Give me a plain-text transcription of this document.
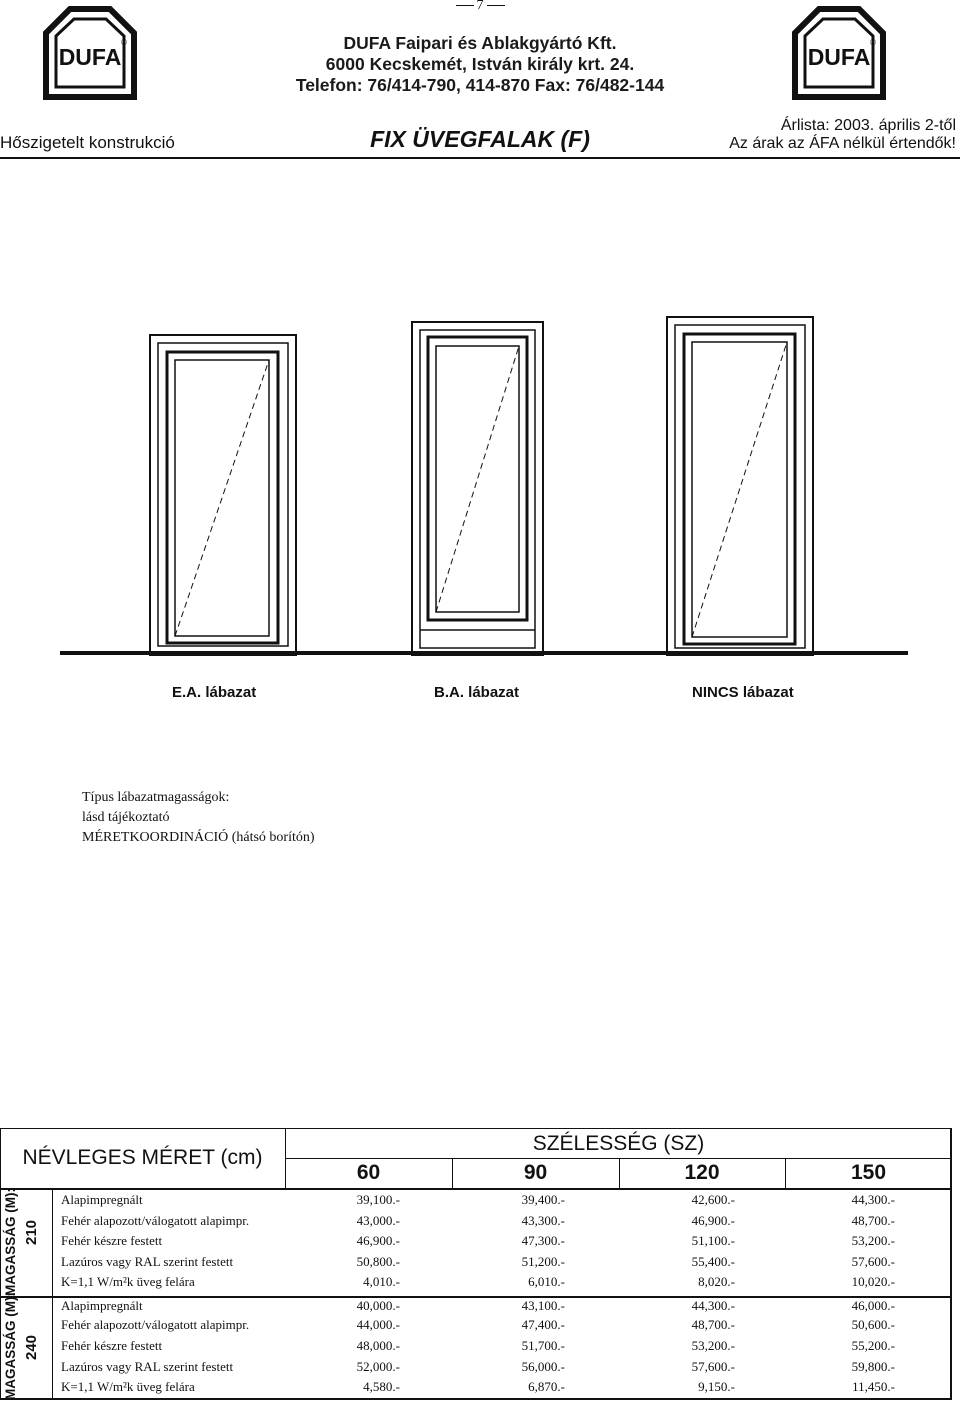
7
DUFA
®
DUFA
®
DUFA Faipari és Ablakgyártó Kft.
6000 Kecskemét, István király krt. 24.
Telefon: 76/414-790, 414-870 Fax: 76/482-144
Hőszigetelt konstrukció	FIX ÜVEGFALAK (F)
Árlista: 2003. április 2-től
Az árak az ÁFA nélkül értendők!
E.A. lábazat	B.A. lábazat	NINCS lábazat
Típus lábazatmagasságok:
lásd tájékoztató
MÉRETKOORDINÁCIÓ (hátsó borítón)
NÉVLEGES MÉRET (cm)
SZÉLESSÉG (SZ)
60	90	120	150
MAGASSÁG (M): 210
MAGASSÁG (M): 240
Alapimpregnált	39,100.-	39,400.-	42,600.-	44,300.-
Fehér alapozott/válogatott alapimpr.	43,000.-	43,300.-	46,900.-	48,700.-
Fehér készre festett	46,900.-	47,300.-	51,100.-	53,200.-
Lazúros vagy RAL szerint festett	50,800.-	51,200.-	55,400.-	57,600.-
K=1,1 W/m²k üveg felára	4,010.-	6,010.-	8,020.-	10,020.-
Alapimpregnált	40,000.-	43,100.-	44,300.-	46,000.-
Fehér alapozott/válogatott alapimpr.	44,000.-	47,400.-	48,700.-	50,600.-
Fehér készre festett	48,000.-	51,700.-	53,200.-	55,200.-
Lazúros vagy RAL szerint festett	52,000.-	56,000.-	57,600.-	59,800.-
K=1,1 W/m²k üveg felára	4,580.-	6,870.-	9,150.-	11,450.-
